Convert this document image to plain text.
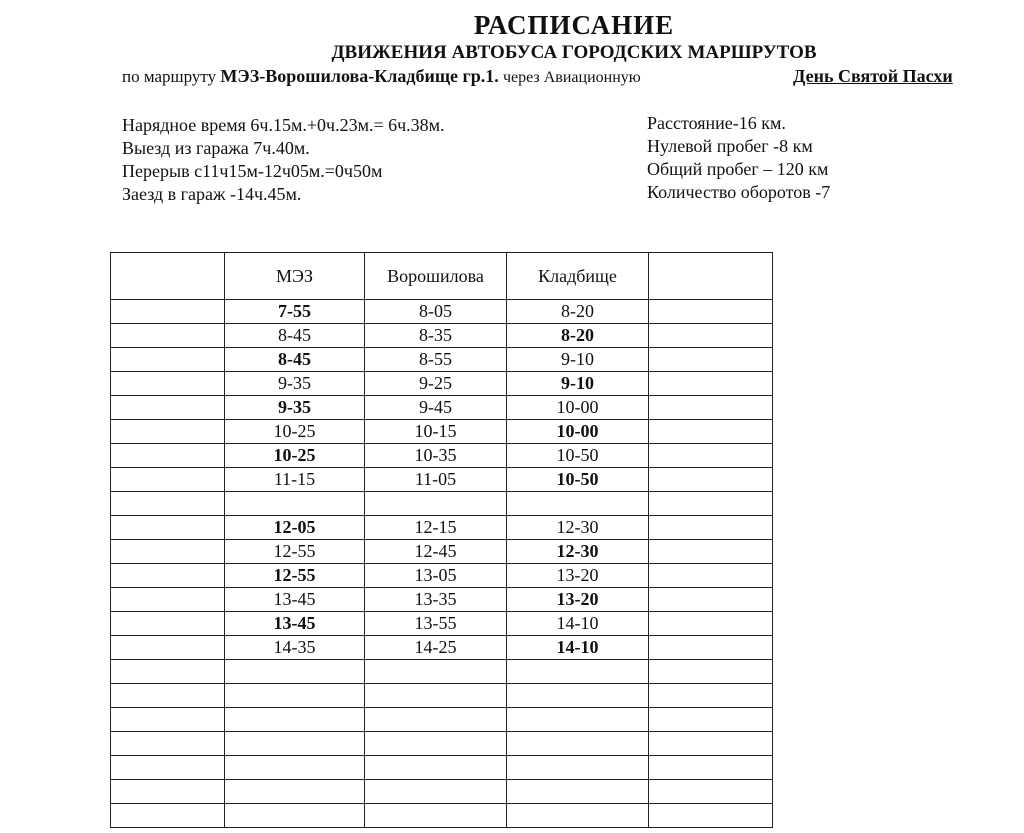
РАСПИСАНИЕ
ДВИЖЕНИЯ АВТОБУСА ГОРОДСКИХ МАРШРУТОВ
по маршруту МЭЗ-Ворошилова-Кладбище гр.1. через Авиационную	День Святой Пасхи
Нарядное время 6ч.15м.+0ч.23м.= 6ч.38м.
Выезд из гаража 7ч.40м.
Перерыв с11ч15м-12ч05м.=0ч50м
Заезд в гараж -14ч.45м.
Расстояние-16 км.
Нулевой пробег -8 км
Общий пробег – 120 км
Количество оборотов -7
	МЭЗ	Ворошилова	Кладбище	
	7-55	8-05	8-20	
	8-45	8-35	8-20	
	8-45	8-55	9-10	
	9-35	9-25	9-10	
	9-35	9-45	10-00	
	10-25	10-15	10-00	
	10-25	10-35	10-50	
	11-15	11-05	10-50	

	12-05	12-15	12-30	
	12-55	12-45	12-30	
	12-55	13-05	13-20	
	13-45	13-35	13-20	
	13-45	13-55	14-10	
	14-35	14-25	14-10	
